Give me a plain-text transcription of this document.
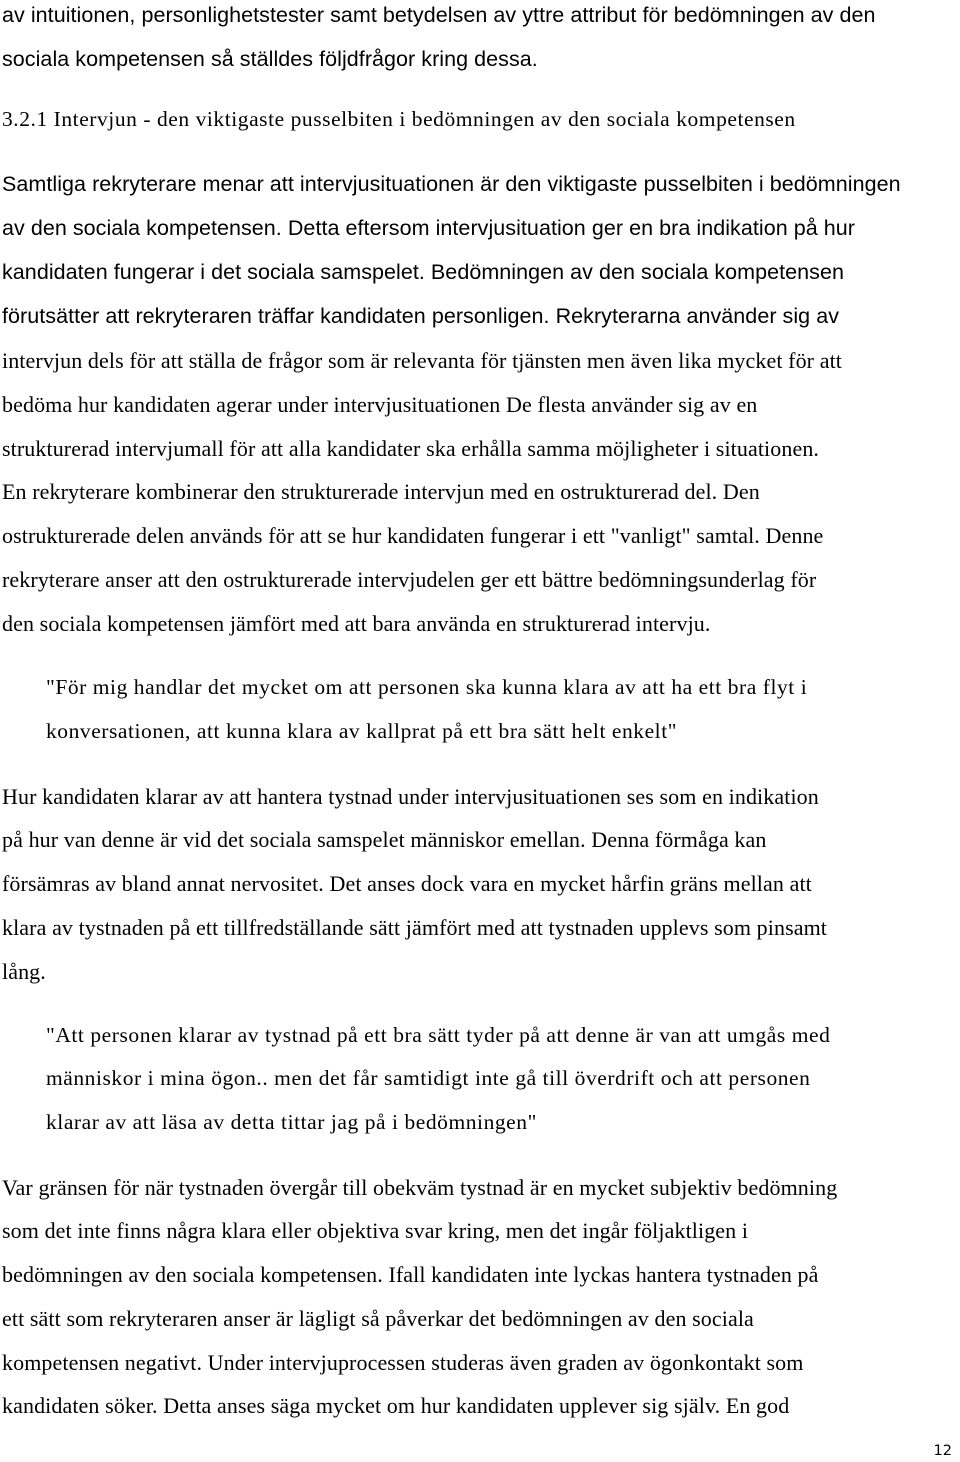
av intuitionen, personlighetstester samt betydelsen av yttre attribut för bedömningen av den
sociala kompetensen så ställdes följdfrågor kring dessa.
3.2.1 Intervjun - den viktigaste pusselbiten i bedömningen av den sociala kompetensen
Samtliga rekryterare menar att intervjusituationen är den viktigaste pusselbiten i bedömningen
av den sociala kompetensen. Detta eftersom intervjusituation ger en bra indikation på hur
kandidaten fungerar i det sociala samspelet. Bedömningen av den sociala kompetensen
förutsätter att rekryteraren träffar kandidaten personligen. Rekryterarna använder sig av
intervjun dels för att ställa de frågor som är relevanta för tjänsten men även lika mycket för att
bedöma hur kandidaten agerar under intervjusituationen De flesta använder sig av en
strukturerad intervjumall för att alla kandidater ska erhålla samma möjligheter i situationen.
En rekryterare kombinerar den strukturerade intervjun med en ostrukturerad del. Den
ostrukturerade delen används för att se hur kandidaten fungerar i ett "vanligt" samtal. Denne
rekryterare anser att den ostrukturerade intervjudelen ger ett bättre bedömningsunderlag för
den sociala kompetensen jämfört med att bara använda en strukturerad intervju.
"För mig handlar det mycket om att personen ska kunna klara av att ha ett bra flyt i
konversationen, att kunna klara av kallprat på ett bra sätt helt enkelt"
Hur kandidaten klarar av att hantera tystnad under intervjusituationen ses som en indikation
på hur van denne är vid det sociala samspelet människor emellan. Denna förmåga kan
försämras av bland annat nervositet. Det anses dock vara en mycket hårfin gräns mellan att
klara av tystnaden på ett tillfredställande sätt jämfört med att tystnaden upplevs som pinsamt
lång.
"Att personen klarar av tystnad på ett bra sätt tyder på att denne är van att umgås med
människor i mina ögon.. men det får samtidigt inte gå till överdrift och att personen
klarar av att läsa av detta tittar jag på i bedömningen"
Var gränsen för när tystnaden övergår till obekväm tystnad är en mycket subjektiv bedömning
som det inte finns några klara eller objektiva svar kring, men det ingår följaktligen i
bedömningen av den sociala kompetensen. Ifall kandidaten inte lyckas hantera tystnaden på
ett sätt som rekryteraren anser är lägligt så påverkar det bedömningen av den sociala
kompetensen negativt. Under intervjuprocessen studeras även graden av ögonkontakt som
kandidaten söker. Detta anses säga mycket om hur kandidaten upplever sig själv. En god
12
